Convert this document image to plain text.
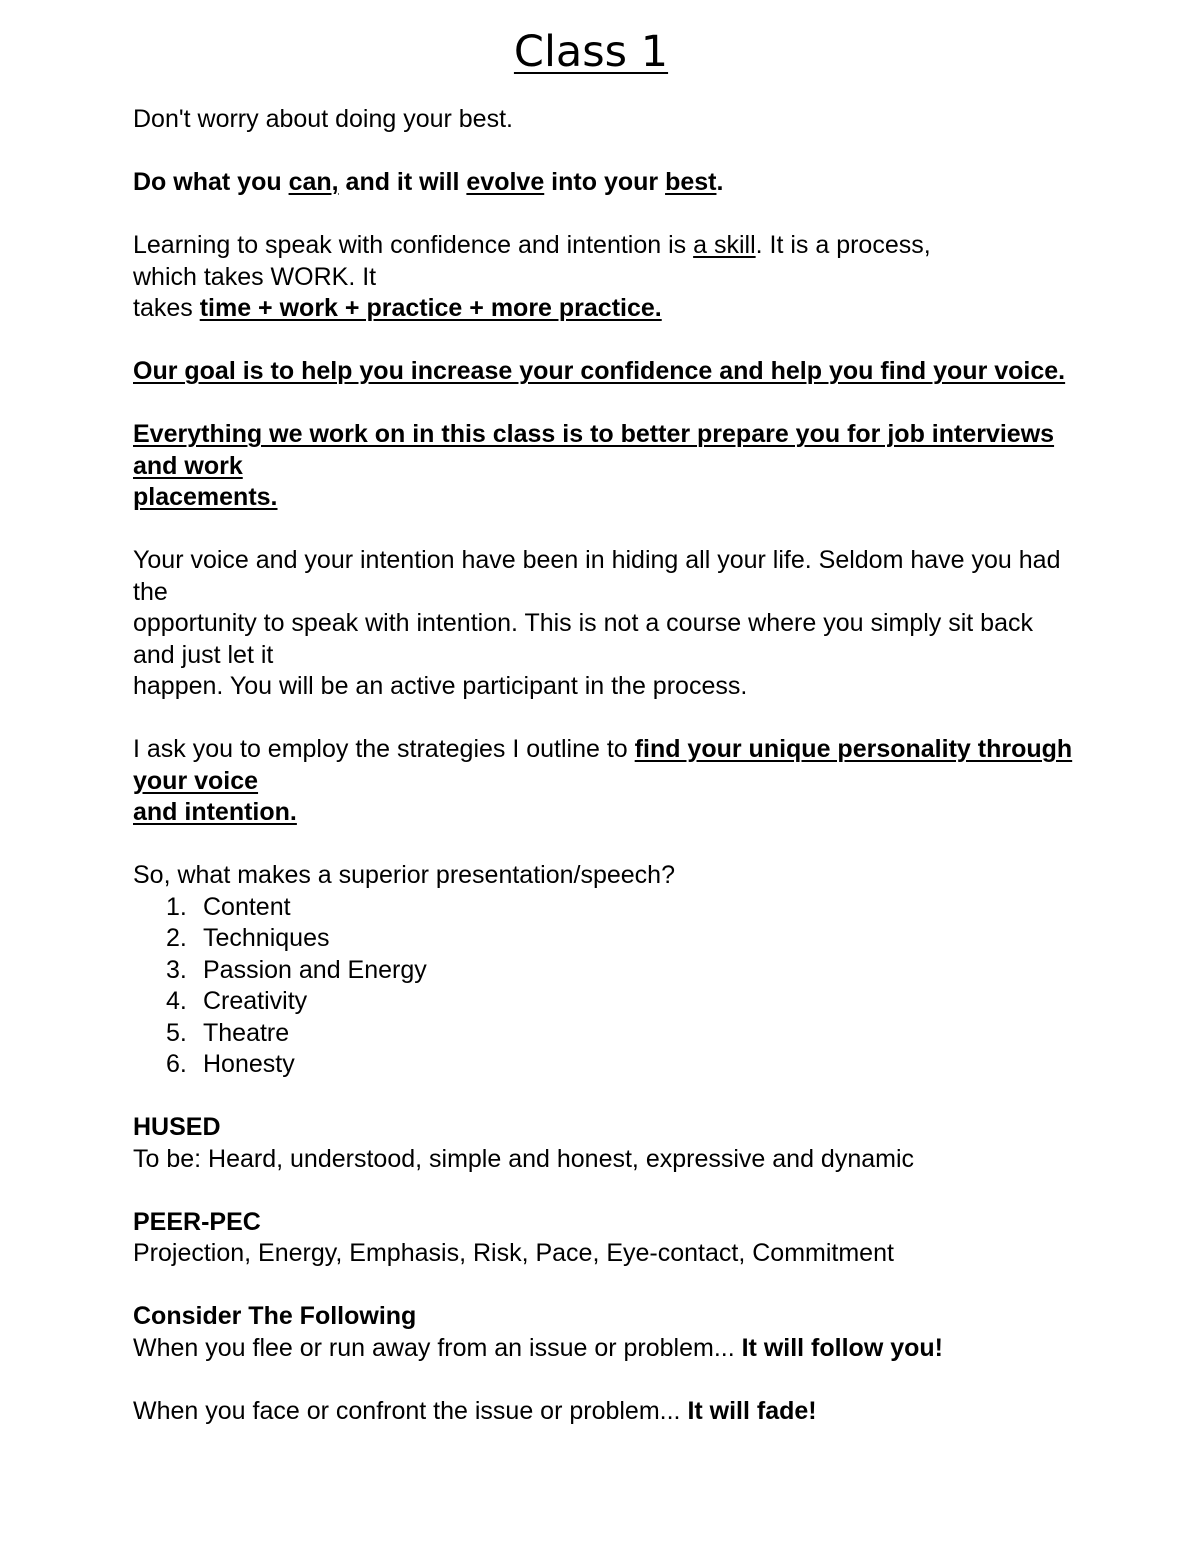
Class 1

Don't worry about doing your best.

Do what you can, and it will evolve into your best.

Learning to speak with confidence and intention is a skill. It is a process,
which takes WORK. It
takes time + work + practice + more practice.

Our goal is to help you increase your confidence and help you find your voice.

Everything we work on in this class is to better prepare you for job interviews and work
placements.

Your voice and your intention have been in hiding all your life. Seldom have you had the
opportunity to speak with intention. This is not a course where you simply sit back and just let it
happen. You will be an active participant in the process.

I ask you to employ the strategies I outline to find your unique personality through your voice
and intention.

So, what makes a superior presentation/speech?

1. Content
2. Techniques
3. Passion and Energy
4. Creativity
5. Theatre
6. Honesty

HUSED
To be: Heard, understood, simple and honest, expressive and dynamic

PEER-PEC
Projection, Energy, Emphasis, Risk, Pace, Eye-contact, Commitment

Consider The Following
When you flee or run away from an issue or problem... It will follow you!

When you face or confront the issue or problem... It will fade!
